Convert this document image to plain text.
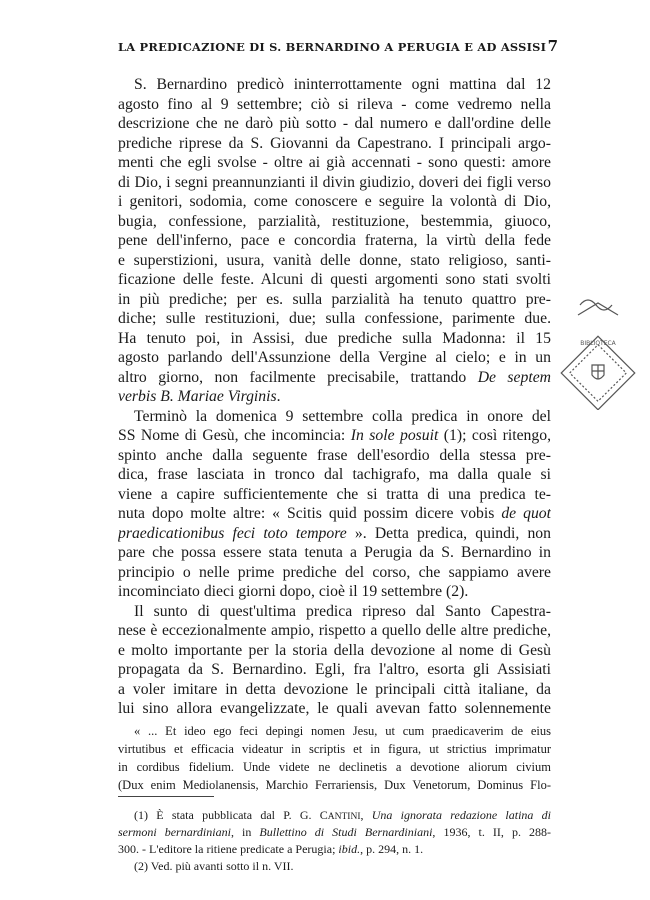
LA PREDICAZIONE DI S. BERNARDINO A PERUGIA E AD ASSISI 7
S. Bernardino predicò ininterrottamente ogni mattina dal 12
agosto fino al 9 settembre; ciò si rileva - come vedremo nella
descrizione che ne darò più sotto - dal numero e dall'ordine delle
prediche riprese da S. Giovanni da Capestrano. I principali argo-
menti che egli svolse - oltre ai già accennati - sono questi: amore
di Dio, i segni preannunzianti il divin giudizio, doveri dei figli verso
i genitori, sodomia, come conoscere e seguire la volontà di Dio,
bugia, confessione, parzialità, restituzione, bestemmia, giuoco,
pene dell'inferno, pace e concordia fraterna, la virtù della fede
e superstizioni, usura, vanità delle donne, stato religioso, santi-
ficazione delle feste. Alcuni di questi argomenti sono stati svolti
in più prediche; per es. sulla parzialità ha tenuto quattro pre-
diche; sulle restituzioni, due; sulla confessione, parimente due.
Ha tenuto poi, in Assisi, due prediche sulla Madonna: il 15
agosto parlando dell'Assunzione della Vergine al cielo; e in un
altro giorno, non facilmente precisabile, trattando De septem
verbis B. Mariae Virginis.
Terminò la domenica 9 settembre colla predica in onore del
SS Nome di Gesù, che incomincia: In sole posuit (1); così ritengo,
spinto anche dalla seguente frase dell'esordio della stessa pre-
dica, frase lasciata in tronco dal tachigrafo, ma dalla quale si
viene a capire sufficientemente che si tratta di una predica te-
nuta dopo molte altre: « Scitis quid possim dicere vobis de quot
praedicationibus feci toto tempore ». Detta predica, quindi, non
pare che possa essere stata tenuta a Perugia da S. Bernardino in
principio o nelle prime prediche del corso, che sappiamo avere
incominciato dieci giorni dopo, cioè il 19 settembre (2).
Il sunto di quest'ultima predica ripreso dal Santo Capestra-
nese è eccezionalmente ampio, rispetto a quello delle altre prediche,
e molto importante per la storia della devozione al nome di Gesù
propagata da S. Bernardino. Egli, fra l'altro, esorta gli Assisiati
a voler imitare in detta devozione le principali città italiane, da
lui sino allora evangelizzate, le quali avevan fatto solennemente
(1) È stata pubblicata dal P. G. CANTINI, Una ignorata redazione latina di
sermoni bernardiniani, in Bullettino di Studi Bernardiniani, 1936, t. II, p. 288-
300. - L'editore la ritiene predicate a Perugia; ibid., p. 294, n. 1.
(2) Ved. più avanti sotto il n. VII.
BIBLIOTECA
« ... Et ideo ego feci depingi nomen Jesu, ut cum praedicaverim de eius
virtutibus et efficacia videatur in scriptis et in figura, ut strictius imprimatur
in cordibus fidelium. Unde videte ne declinetis a devotione aliorum civium
(Dux enim Mediolanensis, Marchio Ferrariensis, Dux Venetorum, Dominus Flo-
